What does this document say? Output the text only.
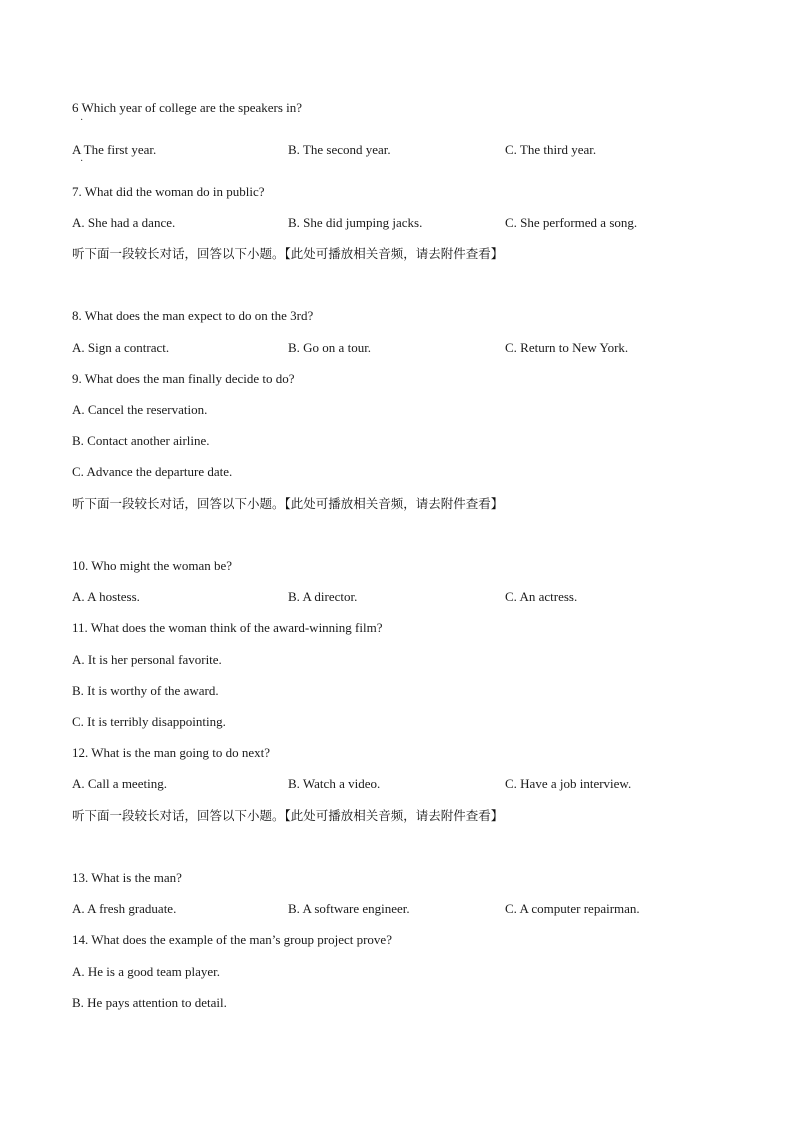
6 Which year of college are the speakers in?
·
A The first year.	B. The second year.	C. The third year.
·
7. What did the woman do in public?
A. She had a dance.	B. She did jumping jacks.	C. She performed a song.
听下面一段较长对话，回答以下小题。【此处可播放相关音频，请去附件查看】
8. What does the man expect to do on the 3rd?
A. Sign a contract.	B. Go on a tour.	C. Return to New York.
9. What does the man finally decide to do?
A. Cancel the reservation.
B. Contact another airline.
C. Advance the departure date.
听下面一段较长对话，回答以下小题。【此处可播放相关音频，请去附件查看】
10. Who might the woman be?
A. A hostess.	B. A director.	C. An actress.
11. What does the woman think of the award-winning film?
A. It is her personal favorite.
B. It is worthy of the award.
C. It is terribly disappointing.
12. What is the man going to do next?
A. Call a meeting.	B. Watch a video.	C. Have a job interview.
听下面一段较长对话，回答以下小题。【此处可播放相关音频，请去附件查看】
13. What is the man?
A. A fresh graduate.	B. A software engineer.	C. A computer repairman.
14. What does the example of the man’s group project prove?
A. He is a good team player.
B. He pays attention to detail.
